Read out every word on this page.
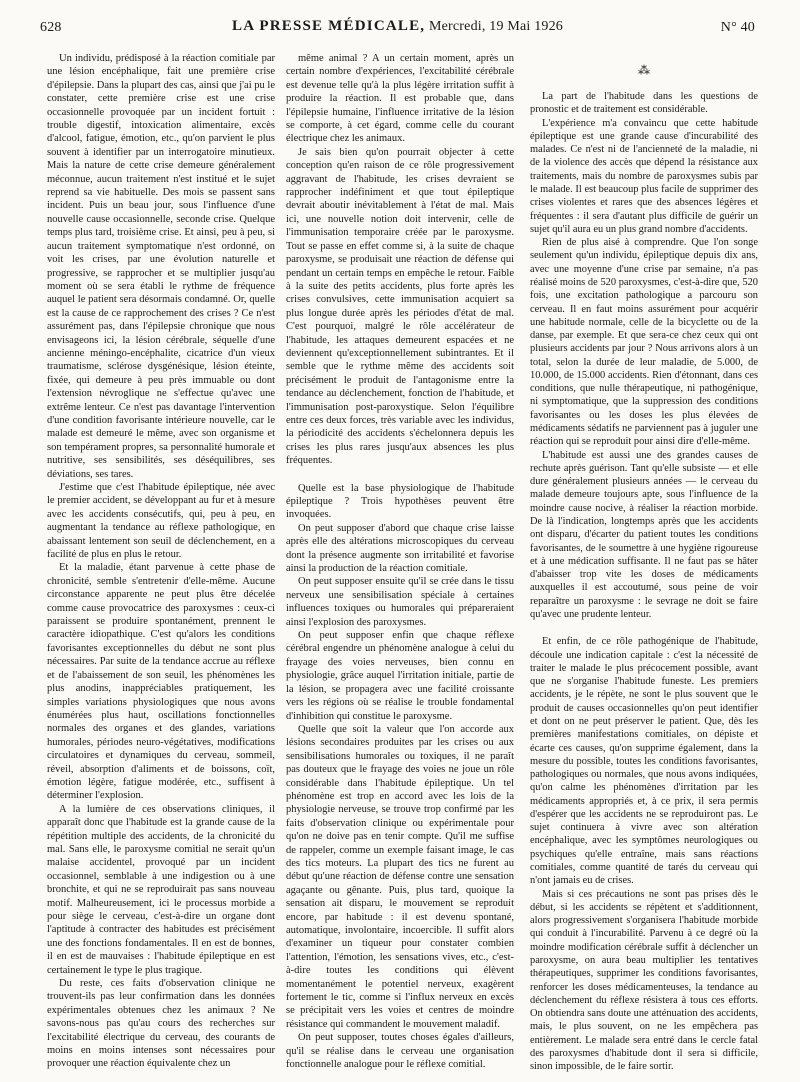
628	LA PRESSE MÉDICALE, Mercredi, 19 Mai 1926	N° 40

Un individu, prédisposé à la réaction comitiale par une lésion encéphalique, fait une première crise d'épilepsie. Dans la plupart des cas, ainsi que j'ai pu le constater, cette première crise est une crise occasionnelle provoquée par un incident fortuit : trouble digestif, intoxication alimentaire, excès d'alcool, fatigue, émotion, etc., qu'on parvient le plus souvent à identifier par un interrogatoire minutieux. Mais la nature de cette crise demeure généralement méconnue, aucun traitement n'est institué et le sujet reprend sa vie habituelle. Des mois se passent sans incident. Puis un beau jour, sous l'influence d'une nouvelle cause occasionnelle, seconde crise. Quelque temps plus tard, troisième crise. Et ainsi, peu à peu, si aucun traitement symptomatique n'est ordonné, on voit les crises, par une évolution naturelle et progressive, se rapprocher et se multiplier jusqu'au moment où se sera établi le rythme de fréquence auquel le patient sera désormais condamné. Or, quelle est la cause de ce rapprochement des crises ? Ce n'est assurément pas, dans l'épilepsie chronique que nous envisageons ici, la lésion cérébrale, séquelle d'une ancienne méningo-encéphalite, cicatrice d'un vieux traumatisme, sclérose dysgénésique, lésion éteinte, fixée, qui demeure à peu près immuable ou dont l'extension névroglique ne s'effectue qu'avec une extrême lenteur. Ce n'est pas davantage l'intervention d'une condition favorisante intérieure nouvelle, car le malade est demeuré le même, avec son organisme et son tempérament propres, sa personnalité humorale et nutritive, ses sensibilités, ses déséquilibres, ses déviations, ses tares.

J'estime que c'est l'habitude épileptique, née avec le premier accident, se développant au fur et à mesure avec les accidents consécutifs, qui, peu à peu, en augmentant la tendance au réflexe pathologique, en abaissant lentement son seuil de déclenchement, en a facilité de plus en plus le retour.

Et la maladie, étant parvenue à cette phase de chronicité, semble s'entretenir d'elle-même. Aucune circonstance apparente ne peut plus être décelée comme cause provocatrice des paroxysmes : ceux-ci paraissent se produire spontanément, prennent le caractère idiopathique. C'est qu'alors les conditions favorisantes exceptionnelles du début ne sont plus nécessaires. Par suite de la tendance accrue au réflexe et de l'abaissement de son seuil, les phénomènes les plus anodins, inappréciables pratiquement, les simples variations physiologiques que nous avons énumérées plus haut, oscillations fonctionnelles normales des organes et des glandes, variations humorales, périodes neuro-végétatives, modifications circulatoires et dynamiques du cerveau, sommeil, réveil, absorption d'aliments et de boissons, coït, émotion légère, fatigue modérée, etc., suffisent à déterminer l'explosion.

A la lumière de ces observations cliniques, il apparaît donc que l'habitude est la grande cause de la répétition multiple des accidents, de la chronicité du mal. Sans elle, le paroxysme comitial ne serait qu'un malaise accidentel, provoqué par un incident occasionnel, semblable à une indigestion ou à une bronchite, et qui ne se reproduirait pas sans nouveau motif. Malheureusement, ici le processus morbide a pour siège le cerveau, c'est-à-dire un organe dont l'aptitude à contracter des habitudes est précisément une des fonctions fondamentales. Il en est de bonnes, il en est de mauvaises : l'habitude épileptique en est certainement le type le plus tragique.

Du reste, ces faits d'observation clinique ne trouvent-ils pas leur confirmation dans les données expérimentales obtenues chez les animaux ? Ne savons-nous pas qu'au cours des recherches sur l'excitabilité électrique du cerveau, des courants de moins en moins intenses sont nécessaires pour provoquer une réaction équivalente chez un

même animal ? A un certain moment, après un certain nombre d'expériences, l'excitabilité cérébrale est devenue telle qu'à la plus légère irritation suffit à produire la réaction. Il est probable que, dans l'épilepsie humaine, l'influence irritative de la lésion se comporte, à cet égard, comme celle du courant électrique chez les animaux.

Je sais bien qu'on pourrait objecter à cette conception qu'en raison de ce rôle progressivement aggravant de l'habitude, les crises devraient se rapprocher indéfiniment et que tout épileptique devrait aboutir inévitablement à l'état de mal. Mais ici, une nouvelle notion doit intervenir, celle de l'immunisation temporaire créée par le paroxysme. Tout se passe en effet comme si, à la suite de chaque paroxysme, se produisait une réaction de défense qui pendant un certain temps en empêche le retour. Faible à la suite des petits accidents, plus forte après les crises convulsives, cette immunisation acquiert sa plus longue durée après les périodes d'état de mal. C'est pourquoi, malgré le rôle accélérateur de l'habitude, les attaques demeurent espacées et ne deviennent qu'exceptionnellement subintrantes. Et il semble que le rythme même des accidents soit précisément le produit de l'antagonisme entre la tendance au déclenchement, fonction de l'habitude, et l'immunisation post-paroxystique. Selon l'équilibre entre ces deux forces, très variable avec les individus, la périodicité des accidents s'échelonnera depuis les crises les plus rares jusqu'aux absences les plus fréquentes.

Quelle est la base physiologique de l'habitude épileptique ? Trois hypothèses peuvent être invoquées.

On peut supposer d'abord que chaque crise laisse après elle des altérations microscopiques du cerveau dont la présence augmente son irritabilité et favorise ainsi la production de la réaction comitiale.

On peut supposer ensuite qu'il se crée dans le tissu nerveux une sensibilisation spéciale à certaines influences toxiques ou humorales qui prépareraient ainsi l'explosion des paroxysmes.

On peut supposer enfin que chaque réflexe cérébral engendre un phénomène analogue à celui du frayage des voies nerveuses, bien connu en physiologie, grâce auquel l'irritation initiale, partie de la lésion, se propagera avec une facilité croissante vers les régions où se réalise le trouble fondamental d'inhibition qui constitue le paroxysme.

Quelle que soit la valeur que l'on accorde aux lésions secondaires produites par les crises ou aux sensibilisations humorales ou toxiques, il ne paraît pas douteux que le frayage des voies ne joue un rôle considérable dans l'habitude épileptique. Un tel phénomène est trop en accord avec les lois de la physiologie nerveuse, se trouve trop confirmé par les faits d'observation clinique ou expérimentale pour qu'on ne doive pas en tenir compte. Qu'il me suffise de rappeler, comme un exemple faisant image, le cas des tics moteurs. La plupart des tics ne furent au début qu'une réaction de défense contre une sensation agaçante ou gênante. Puis, plus tard, quoique la sensation ait disparu, le mouvement se reproduit encore, par habitude : il est devenu spontané, automatique, involontaire, incoercible. Il suffit alors d'examiner un tiqueur pour constater combien l'attention, l'émotion, les sensations vives, etc., c'est-à-dire toutes les conditions qui élèvent momentanément le potentiel nerveux, exagèrent fortement le tic, comme si l'influx nerveux en excès se précipitait vers les voies et centres de moindre résistance qui commandent le mouvement maladif.

On peut supposer, toutes choses égales d'ailleurs, qu'il se réalise dans le cerveau une organisation fonctionnelle analogue pour le réflexe comitial.

⁂

La part de l'habitude dans les questions de pronostic et de traitement est considérable.

L'expérience m'a convaincu que cette habitude épileptique est une grande cause d'incurabilité des malades. Ce n'est ni de l'ancienneté de la maladie, ni de la violence des accès que dépend la résistance aux traitements, mais du nombre de paroxysmes subis par le malade. Il est beaucoup plus facile de supprimer des crises violentes et rares que des absences légères et fréquentes : il sera d'autant plus difficile de guérir un sujet qu'il aura eu un plus grand nombre d'accidents.

Rien de plus aisé à comprendre. Que l'on songe seulement qu'un individu, épileptique depuis dix ans, avec une moyenne d'une crise par semaine, n'a pas réalisé moins de 520 paroxysmes, c'est-à-dire que, 520 fois, une excitation pathologique a parcouru son cerveau. Il en faut moins assurément pour acquérir une habitude normale, celle de la bicyclette ou de la danse, par exemple. Et que sera-ce chez ceux qui ont plusieurs accidents par jour ? Nous arrivons alors à un total, selon la durée de leur maladie, de 5.000, de 10.000, de 15.000 accidents. Rien d'étonnant, dans ces conditions, que nulle thérapeutique, ni pathogénique, ni symptomatique, que la suppression des conditions favorisantes ou les doses les plus élevées de médicaments sédatifs ne parviennent pas à juguler une réaction qui se reproduit pour ainsi dire d'elle-même.

L'habitude est aussi une des grandes causes de rechute après guérison. Tant qu'elle subsiste — et elle dure généralement plusieurs années — le cerveau du malade demeure toujours apte, sous l'influence de la moindre cause nocive, à réaliser la réaction morbide. De là l'indication, longtemps après que les accidents ont disparu, d'écarter du patient toutes les conditions favorisantes, de le soumettre à une hygiène rigoureuse et à une médication suffisante. Il ne faut pas se hâter d'abaisser trop vite les doses de médicaments auxquelles il est accoutumé, sous peine de voir reparaître un paroxysme : le sevrage ne doit se faire qu'avec une prudente lenteur.

Et enfin, de ce rôle pathogénique de l'habitude, découle une indication capitale : c'est la nécessité de traiter le malade le plus précocement possible, avant que ne s'organise l'habitude funeste. Les premiers accidents, je le répète, ne sont le plus souvent que le produit de causes occasionnelles qu'on peut identifier et dont on ne peut préserver le patient. Que, dès les premières manifestations comitiales, on dépiste et écarte ces causes, qu'on supprime également, dans la mesure du possible, toutes les conditions favorisantes, pathologiques ou normales, que nous avons indiquées, qu'on calme les phénomènes d'irritation par les médicaments appropriés et, à ce prix, il sera permis d'espérer que les accidents ne se reproduiront pas. Le sujet continuera à vivre avec son altération encéphalique, avec les symptômes neurologiques ou psychiques qu'elle entraîne, mais sans réactions comitiales, comme quantité de tarés du cerveau qui n'ont jamais eu de crises.

Mais si ces précautions ne sont pas prises dès le début, si les accidents se répètent et s'additionnent, alors progressivement s'organisera l'habitude morbide qui conduit à l'incurabilité. Parvenu à ce degré où la moindre modification cérébrale suffit à déclencher un paroxysme, on aura beau multiplier les tentatives thérapeutiques, supprimer les conditions favorisantes, renforcer les doses médicamenteuses, la tendance au déclenchement du réflexe résistera à tous ces efforts. On obtiendra sans doute une atténuation des accidents, mais, le plus souvent, on ne les empêchera pas entièrement. Le malade sera entré dans le cercle fatal des paroxysmes d'habitude dont il sera si difficile, sinon impossible, de le faire sortir.
